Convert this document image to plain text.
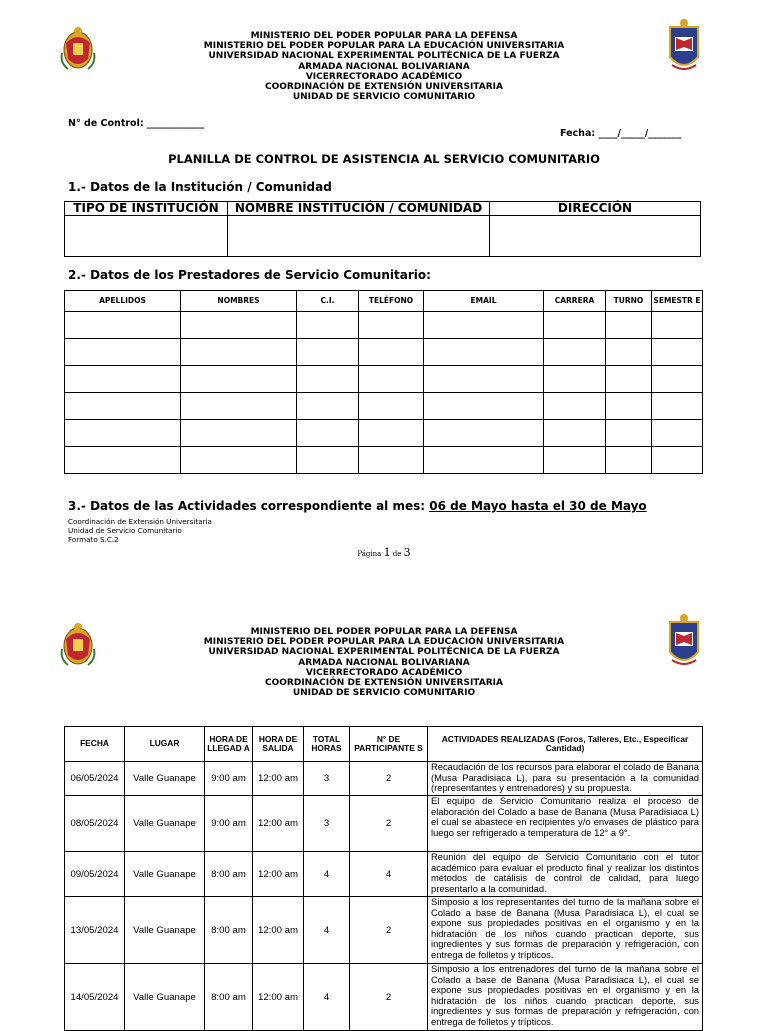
MINISTERIO DEL PODER POPULAR PARA LA DEFENSA
MINISTERIO DEL PODER POPULAR PARA LA EDUCACIÓN UNIVERSITARIA
UNIVERSIDAD NACIONAL EXPERIMENTAL POLITÉCNICA DE LA FUERZA
ARMADA NACIONAL BOLIVARIANA
VICERRECTORADO ACADÉMICO
COORDINACIÓN DE EXTENSIÓN UNIVERSITARIA
UNIDAD DE SERVICIO COMUNITARIO
N° de Control: ____________
Fecha: ____/_____/_______
PLANILLA DE CONTROL DE ASISTENCIA AL SERVICIO COMUNITARIO
1.- Datos de la Institución / Comunidad
TIPO DE INSTITUCIÓN	NOMBRE INSTITUCIÓN / COMUNIDAD	DIRECCIÓN

2.- Datos de los Prestadores de Servicio Comunitario:
APELLIDOS	NOMBRES	C.I.	TELÉFONO	EMAIL	CARRERA	TURNO	SEMESTR E

3.- Datos de las Actividades correspondiente al mes: 06 de Mayo hasta el 30 de Mayo
Coordinación de Extensión Universitaria
Unidad de Servicio Comunitario
Formato S.C.2
Página 1 de 3
MINISTERIO DEL PODER POPULAR PARA LA DEFENSA
MINISTERIO DEL PODER POPULAR PARA LA EDUCACIÓN UNIVERSITARIA
UNIVERSIDAD NACIONAL EXPERIMENTAL POLITÉCNICA DE LA FUERZA
ARMADA NACIONAL BOLIVARIANA
VICERRECTORADO ACADÉMICO
COORDINACIÓN DE EXTENSIÓN UNIVERSITARIA
UNIDAD DE SERVICIO COMUNITARIO
FECHA	LUGAR	HORA DE LLEGAD A	HORA DE SALIDA	TOTAL HORAS	N° DE PARTICIPANTE S	ACTIVIDADES REALIZADAS (Foros, Talleres, Etc., Especificar Cantidad)
06/05/2024	Valle Guanape	9:00 am	12:00 am	3	2	Recaudación de los recursos para elaborar el colado de Banana (Musa Paradisiaca L), para su presentación a la comunidad (representantes y entrenadores) y su propuesta.
08/05/2024	Valle Guanape	9:00 am	12:00 am	3	2	El equipo de Servicio Comunitario realiza el proceso de elaboración del Colado a base de Banana (Musa Paradisiaca L) el cual se abastece en recipientes y/o envases de plástico para luego ser refrigerado a temperatura de 12° a 9°.
09/05/2024	Valle Guanape	8:00 am	12:00 am	4	4	Reunión del equipo de Servicio Comunitario con el tutor académico para evaluar el producto final y realizar los distintos métodos de catálisis de control de calidad, para luego presentarlo a la comunidad.
13/05/2024	Valle Guanape	8:00 am	12:00 am	4	2	Simposio a los representantes del turno de la mañana sobre el Colado a base de Banana (Musa Paradisiaca L), el cual se expone sus propiedades positivas en el organismo y en la hidratación de los niños cuando practican deporte, sus ingredientes y sus formas de preparación y refrigeración, con entrega de folletos y trípticos.
14/05/2024	Valle Guanape	8:00 am	12:00 am	4	2	Simposio a los entrenadores del turno de la mañana sobre el Colado a base de Banana (Musa Paradisiaca L), el cual se expone sus propiedades positivas en el organismo y en la hidratación de los niños cuando practican deporte, sus ingredientes y sus formas de preparación y refrigeración, con entrega de folletos y trípticos.
